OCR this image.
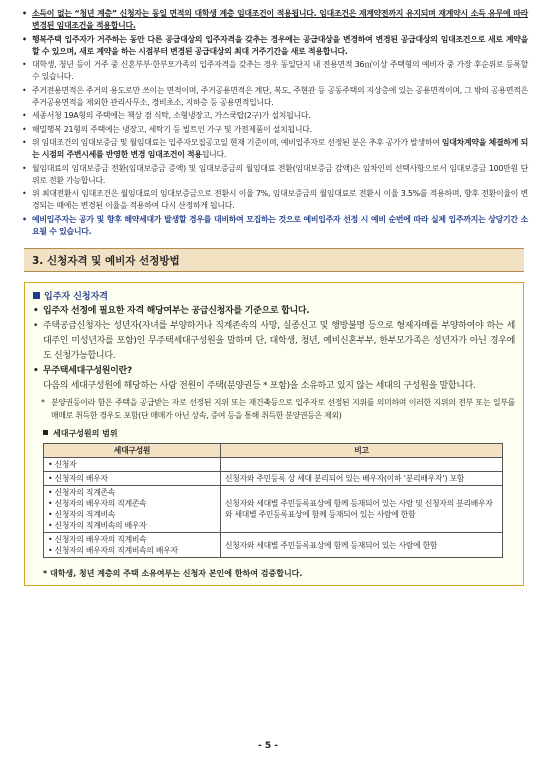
• 소득이 없는 “청년 계층” 신청자는 동일 면적의 대학생 계층 임대조건이 적용됩니다. 임대조건은 재계약전까지 유지되며 재계약시 소득 유무에 따라 변경된 임대조건을 적용합니다.
• 행복주택 입주자가 거주하는 동안 다른 공급대상의 입주자격을 갖추는 경우에는 공급대상을 변경하여 변경된 공급대상의 임대조건으로 새로 계약을 할 수 있으며, 새로 계약을 하는 시점부터 변경된 공급대상의 최대 거주기간을 새로 적용합니다.
• 대학생, 청년 등이 거주 중 신혼부부·한부모가족의 입주자격을 갖추는 경우 동일단지 내 전용면적 36㎡이상 주택형의 예비자 중 가장 후순위로 등록할 수 있습니다.
• 주거전용면적은 주거의 용도로만 쓰이는 면적이며, 주거공용면적은 계단, 복도, 주현관 등 공동주택의 지상층에 있는 공용면적이며, 그 밖의 공용면적은 주거공용면적을 제외한 관리사무소, 경비초소, 지하층 등 공용면적입니다.
• 세종서청 19A형의 주택에는 책상 겸 식탁, 소형냉장고, 가스쿡탑(2구)가 설치됩니다.
• 해밀행복 21형의 주택에는 냉장고, 세탁기 등 빌트인 가구 및 가전제품이 설치됩니다.
• 위 임대조건의 임대보증금 및 월임대료는 입주자모집공고일 현재 기준이며, 예비입주자로 선정된 분은 추후 공가가 발생하여 임대차계약을 체결하게 되는 시점의 주변시세를 반영한 변경 임대조건이 적용됩니다.
• 월임대료의 임대보증금 전환(임대보증금 증액) 및 임대보증금의 월임대료 전환(임대보증금 감액)은 임차인의 선택사항으로서 임대보증금 100만원 단위로 전환 가능합니다.
• 위 최대전환시 임대조건은 월임대료의 임대보증금으로 전환시 이율 7%, 임대보증금의 월임대료로 전환시 이율 3.5%를 적용하며, 향후 전환이율이 변경되는 때에는 변경된 이율을 적용하여 다시 산정하게 됩니다.
• 예비입주자는 공가 및 향후 해약세대가 발생할 경우를 대비하여 모집하는 것으로 예비입주자 선정 시 예비 순번에 따라 실제 입주까지는 상당기간 소요될 수 있습니다.
3. 신청자격 및 예비자 선정방법
입주자 신청자격
• 입주자 선정에 필요한 자격 해당여부는 공급신청자를 기준으로 합니다.
• 주택공급신청자는 성년자(자녀를 부양하거나 직계존속의 사망, 실종신고 및 행방불명 등으로 형제자매를 부양하여야 하는 세대주인 미성년자를 포함)인 무주택세대구성원을 말하며 단, 대학생, 청년, 예비신혼부부, 한부모가족은 성년자가 아닌 경우에도 신청가능합니다.
• 무주택세대구성원이란?
다음의 세대구성원에 해당하는 사람 전원이 주택(분양권등 * 포함)을 소유하고 있지 않는 세대의 구성원을 말합니다.
* 분양권등이라 함은 주택을 공급받는 자로 선정된 지위 또는 재건축등으로 입주자로 선정된 지위를 의미하며 이러한 지위의 전부 또는 일부를 매매로 취득한 경우도 포함(단 매매가 아닌 상속, 증여 등을 통해 취득한 분양권등은 제외)
세대구성원의 범위
세대구성원	비고
• 신청자	
• 신청자의 배우자	신청자와 주민등록 상 세대 분리되어 있는 배우자(이하 ‘분리배우자’) 포함
• 신청자의 직계존속
• 신청자의 배우자의 직계존속
• 신청자의 직계비속
• 신청자의 직계비속의 배우자	신청자와 세대별 주민등록표상에 함께 등재되어 있는 사람 및 신청자의 분리배우자와 세대별 주민등록표상에 함께 등재되어 있는 사람에 한함
• 신청자의 배우자의 직계비속
• 신청자의 배우자의 직계비속의 배우자	신청자와 세대별 주민등록표상에 함께 등재되어 있는 사람에 한함
* 대학생, 청년 계층의 주택 소유여부는 신청자 본인에 한하여 검증합니다.
- 5 -
